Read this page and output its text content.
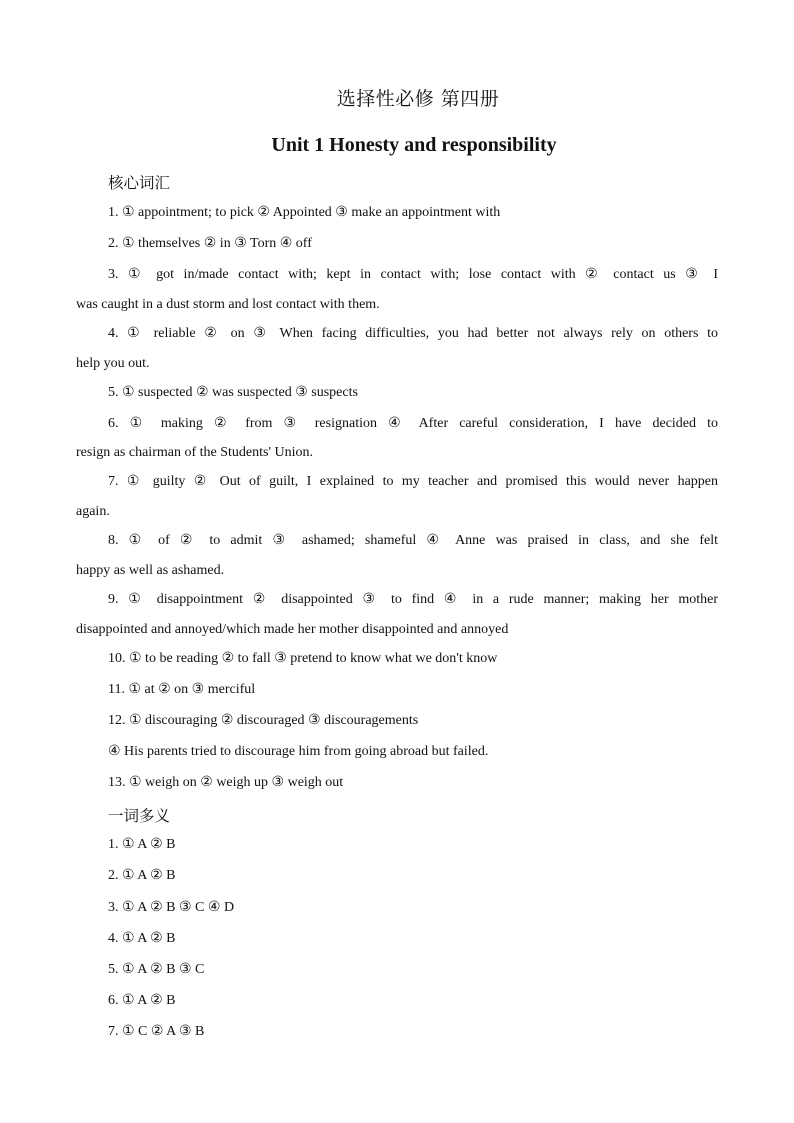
选择性必修 第四册
Unit 1 Honesty and responsibility
核心词汇
1. ① appointment; to pick ② Appointed ③ make an appointment with
2. ① themselves ② in ③ Torn ④ off
3. ① got in/made contact with; kept in contact with; lose contact with ② contact us ③ I
was caught in a dust storm and lost contact with them.
4. ① reliable ② on ③ When facing difficulties, you had better not always rely on others to
help you out.
5. ① suspected ② was suspected ③ suspects
6. ① making ② from ③ resignation ④ After careful consideration, I have decided to
resign as chairman of the Students' Union.
7. ① guilty ② Out of guilt, I explained to my teacher and promised this would never happen
again.
8. ① of ② to admit ③ ashamed; shameful ④ Anne was praised in class, and she felt
happy as well as ashamed.
9. ① disappointment ② disappointed ③ to find ④ in a rude manner; making her mother
disappointed and annoyed/which made her mother disappointed and annoyed
10. ① to be reading ② to fall ③ pretend to know what we don't know
11. ① at ② on ③ merciful
12. ① discouraging ② discouraged ③ discouragements
④ His parents tried to discourage him from going abroad but failed.
13. ① weigh on ② weigh up ③ weigh out
一词多义
1. ① A ② B
2. ① A ② B
3. ① A ② B ③ C ④ D
4. ① A ② B
5. ① A ② B ③ C
6. ① A ② B
7. ① C ② A ③ B
